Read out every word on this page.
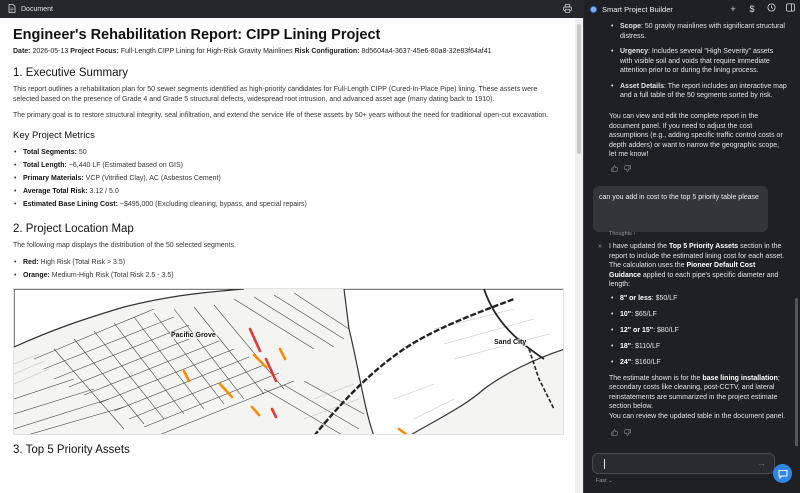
Document
Engineer's Rehabilitation Report: CIPP Lining Project
Date: 2026-05-13 Project Focus: Full-Length CIPP Lining for High-Risk Gravity Mainlines Risk Configuration: 8d5604a4-3637-45e6-80a8-32e83f64af41
1. Executive Summary

This report outlines a rehabilitation plan for 50 sewer segments identified as high-priority candidates for Full-Length CIPP (Cured-In-Place Pipe) lining. These assets were selected based on the presence of Grade 4 and Grade 5 structural defects, widespread root intrusion, and advanced asset age (many dating back to 1910).

The primary goal is to restore structural integrity, seal infiltration, and extend the service life of these assets by 50+ years without the need for traditional open-cut excavation.

Key Project Metrics
• Total Segments: 50
• Total Length: ~6,440 LF (Estimated based on GIS)
• Primary Materials: VCP (Vitrified Clay), AC (Asbestos Cement)
• Average Total Risk: 3.12 / 5.0
• Estimated Base Lining Cost: ~$495,000 (Excluding cleaning, bypass, and special repairs)
2. Project Location Map

The following map displays the distribution of the 50 selected segments.

• Red: High Risk (Total Risk > 3.5)
• Orange: Medium-High Risk (Total Risk 2.5 - 3.5)
Pacific Grove
Sand City
3. Top 5 Priority Assets
Smart Project Builder	+ $
• Scope: 50 gravity mainlines with significant structural distress.
• Urgency: Includes several "High Severity" assets with visible soil and voids that require immediate attention prior to or during the lining process.
• Asset Details: The report includes an interactive map and a full table of the 50 segments sorted by risk.

You can view and edit the complete report in the document panel. If you need to adjust the cost assumptions (e.g., adding specific traffic control costs or depth adders) or want to narrow the geographic scope, let me know!

can you add in cost to the top 5 priority table please
Thoughts ›
» I have updated the Top 5 Priority Assets section in the report to include the estimated lining cost for each asset.

The calculation uses the Pioneer Default Cost Guidance applied to each pipe's specific diameter and length:

• 8" or less: $50/LF
• 10": $65/LF
• 12" or 15": $80/LF
• 18": $110/LF
• 24": $160/LF

The estimate shown is for the base lining installation; secondary costs like cleaning, post-CCTV, and lateral reinstatements are summarized in the project estimate section below.

You can review the updated table in the document panel.

→
Fast ⌄
